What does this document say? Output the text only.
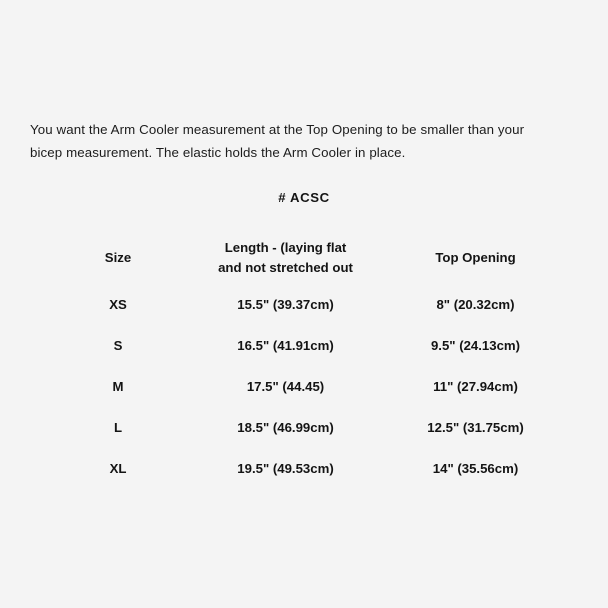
You want the Arm Cooler measurement at the Top Opening to be smaller than your
bicep measurement. The elastic holds the Arm Cooler in place.
# ACSC
Size	Length - (laying flat
and not stretched out	Top Opening

XS	15.5" (39.37cm)	8" (20.32cm)
S	16.5" (41.91cm)	9.5" (24.13cm)
M	17.5" (44.45)	11" (27.94cm)
L	18.5" (46.99cm)	12.5" (31.75cm)
XL	19.5" (49.53cm)	14" (35.56cm)
